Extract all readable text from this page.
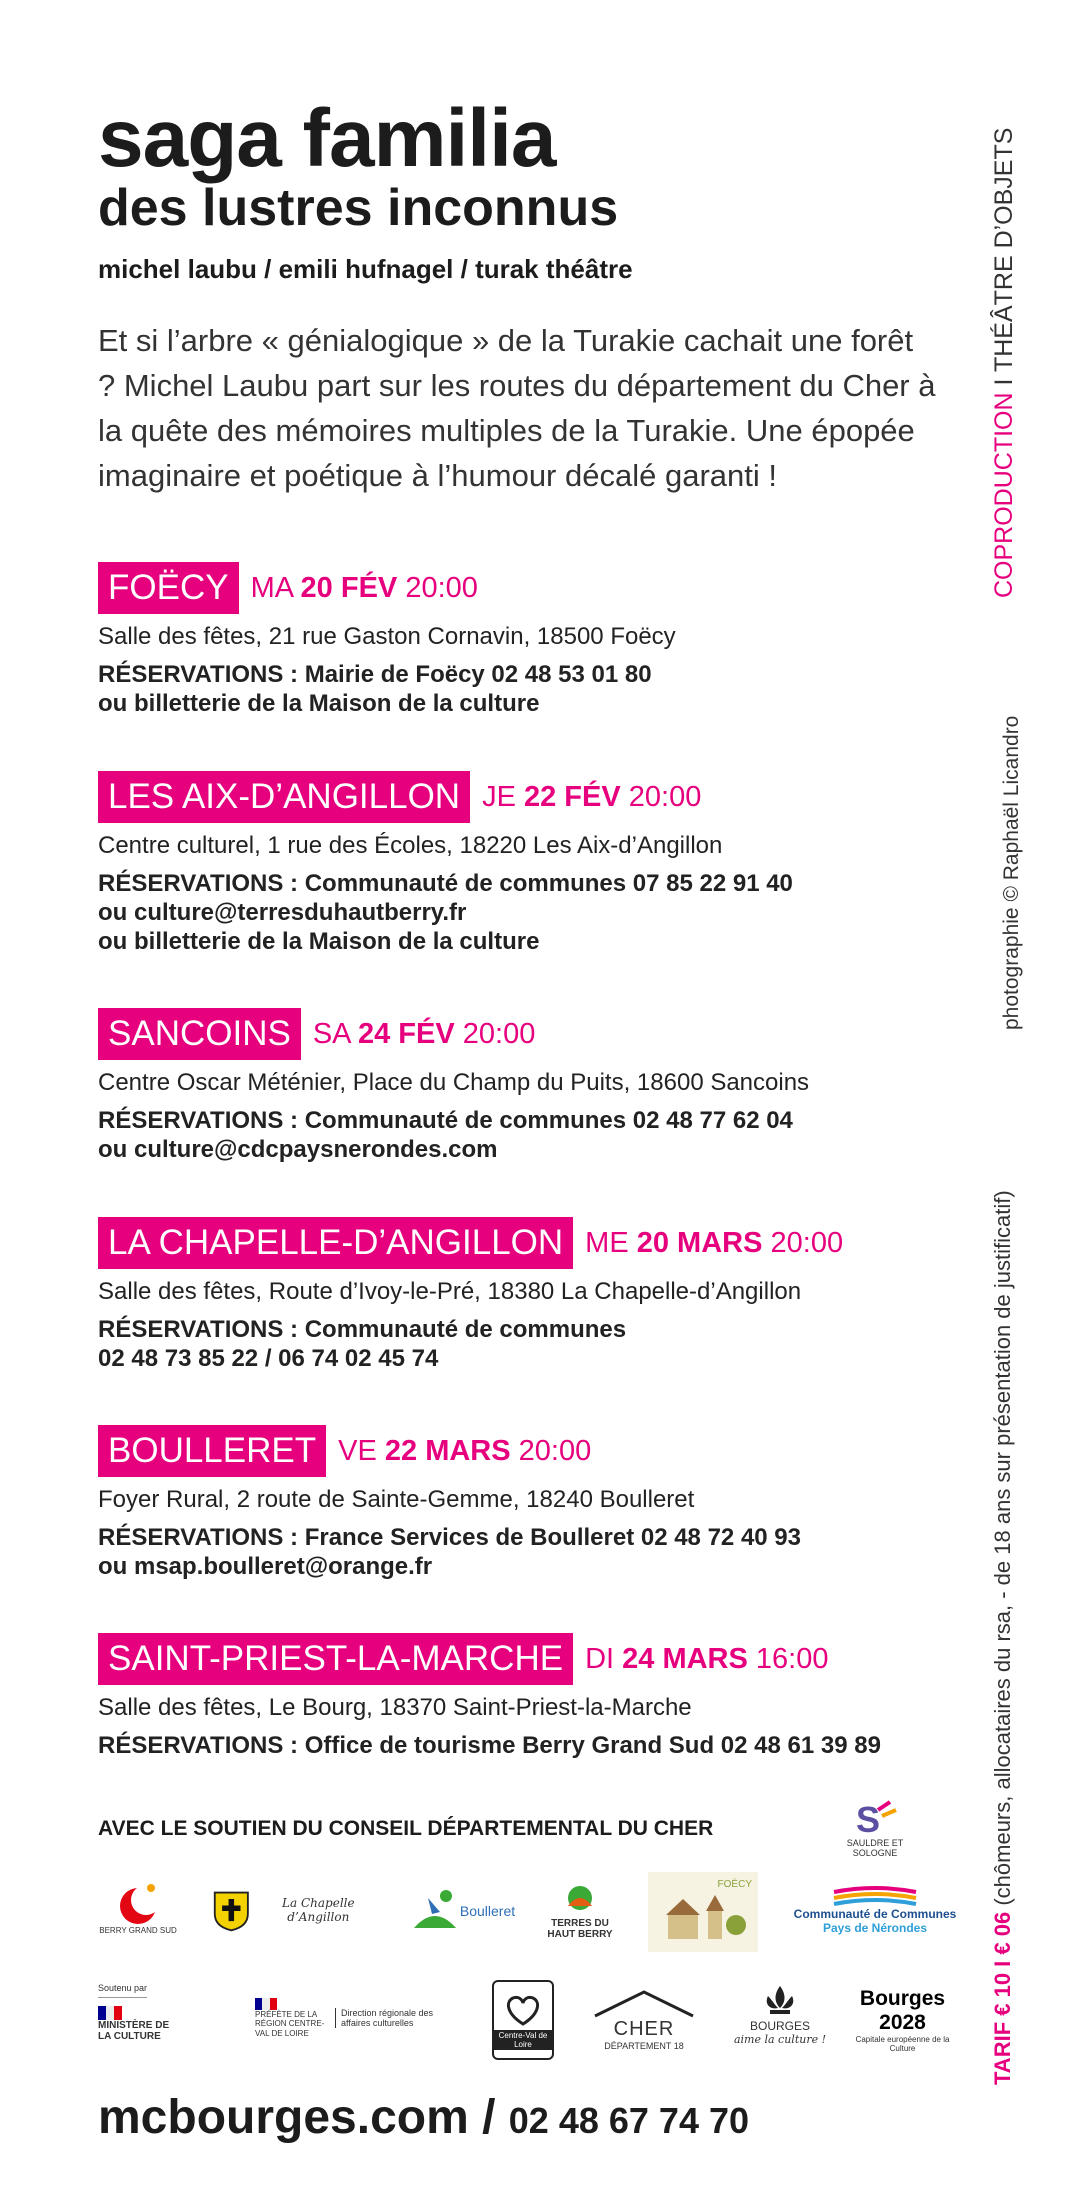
saga familia
des lustres inconnus
michel laubu / emili hufnagel / turak théâtre

Et si l’arbre « génialogique » de la Turakie cachait une forêt ? Michel Laubu part sur les routes du département du Cher à la quête des mémoires multiples de la Turakie. Une épopée imaginaire et poétique à l’humour décalé garanti !

FOËCY MA 20 FÉV 20:00
Salle des fêtes, 21 rue Gaston Cornavin, 18500 Foëcy
RÉSERVATIONS : Mairie de Foëcy 02 48 53 01 80
ou billetterie de la Maison de la culture
LES AIX-D’ANGILLON JE 22 FÉV 20:00
Centre culturel, 1 rue des Écoles, 18220 Les Aix-d’Angillon
RÉSERVATIONS : Communauté de communes 07 85 22 91 40
ou culture@terresduhautberry.fr
ou billetterie de la Maison de la culture
SANCOINS SA 24 FÉV 20:00
Centre Oscar Méténier, Place du Champ du Puits, 18600 Sancoins
RÉSERVATIONS : Communauté de communes 02 48 77 62 04
ou culture@cdcpaysnerondes.com
LA CHAPELLE-D’ANGILLON ME 20 MARS 20:00
Salle des fêtes, Route d’Ivoy-le-Pré, 18380 La Chapelle-d’Angillon
RÉSERVATIONS : Communauté de communes
02 48 73 85 22 / 06 74 02 45 74
BOULLERET VE 22 MARS 20:00
Foyer Rural, 2 route de Sainte-Gemme, 18240 Boulleret
RÉSERVATIONS : France Services de Boulleret 02 48 72 40 93
ou msap.boulleret@orange.fr
SAINT-PRIEST-LA-MARCHE DI 24 MARS 16:00
Salle des fêtes, Le Bourg, 18370 Saint-Priest-la-Marche
RÉSERVATIONS : Office de tourisme Berry Grand Sud 02 48 61 39 89
COPRODUCTION I THÉÂTRE D’OBJETS
photographie © Raphaël Licandro
TARIF € 10 I € 06 (chômeurs, allocataires du rsa, - de 18 ans sur présentation de justificatif)
AVEC LE SOUTIEN DU CONSEIL DÉPARTEMENTAL DU CHER	S
SAULDRE ET SOLOGNE
BERRY GRAND SUD
La Chapelle d’Angillon	Boulleret
TERRES DU HAUT BERRY
FOËCY
Communauté de Communes
Pays de Nérondes
Soutenu par
MINISTÈRE DE LA CULTURE
PRÉFÈTE DE LA RÉGION CENTRE-VAL DE LOIRE
Direction régionale des affaires culturelles
Centre-Val de Loire
CHER
DÉPARTEMENT 18
BOURGES
aime la culture !
Bourges 2028
Capitale européenne de la Culture
mcbourges.com / 02 48 67 74 70
